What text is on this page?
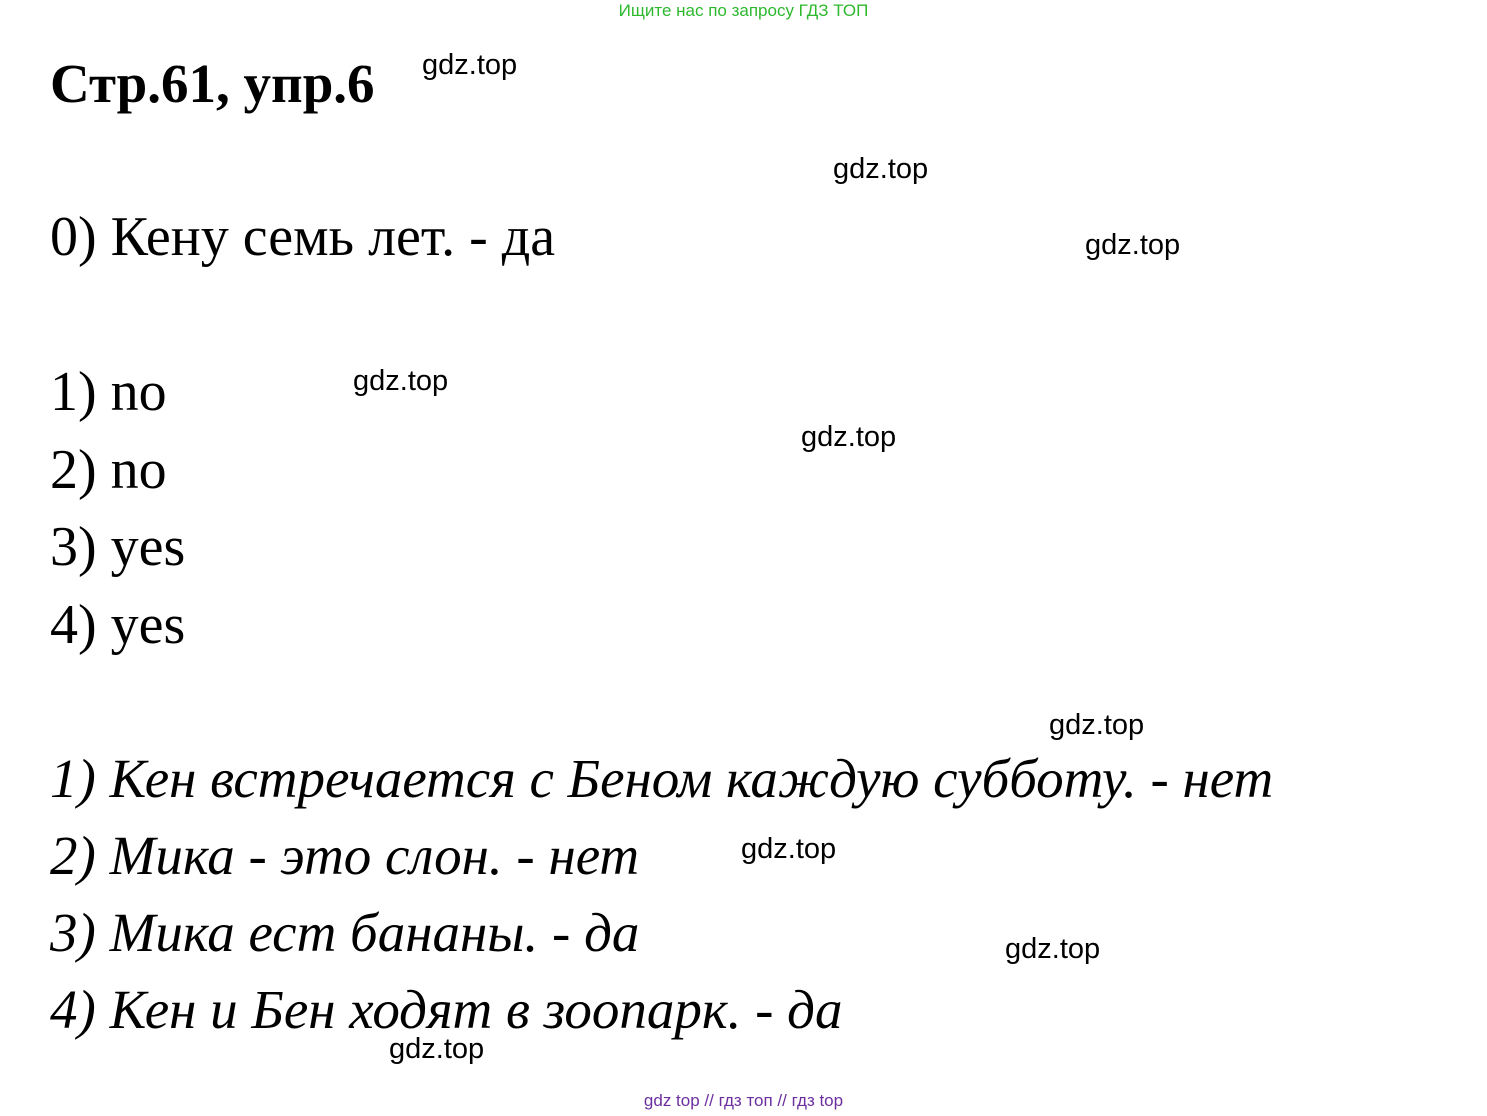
Ищите нас по запросу ГДЗ ТОП
Стр.61, упр.6
0) Кену семь лет. - да
1) no
2) no
3) yes
4) yes
1) Кен встречается с Беном каждую субботу. - нет
2) Мика - это слон. - нет
3) Мика ест бананы. - да
4) Кен и Бен ходят в зоопарк. - да
gdz.top
gdz.top
gdz.top
gdz.top
gdz.top
gdz.top
gdz.top
gdz.top
gdz.top
gdz top // гдз топ // гдз top
